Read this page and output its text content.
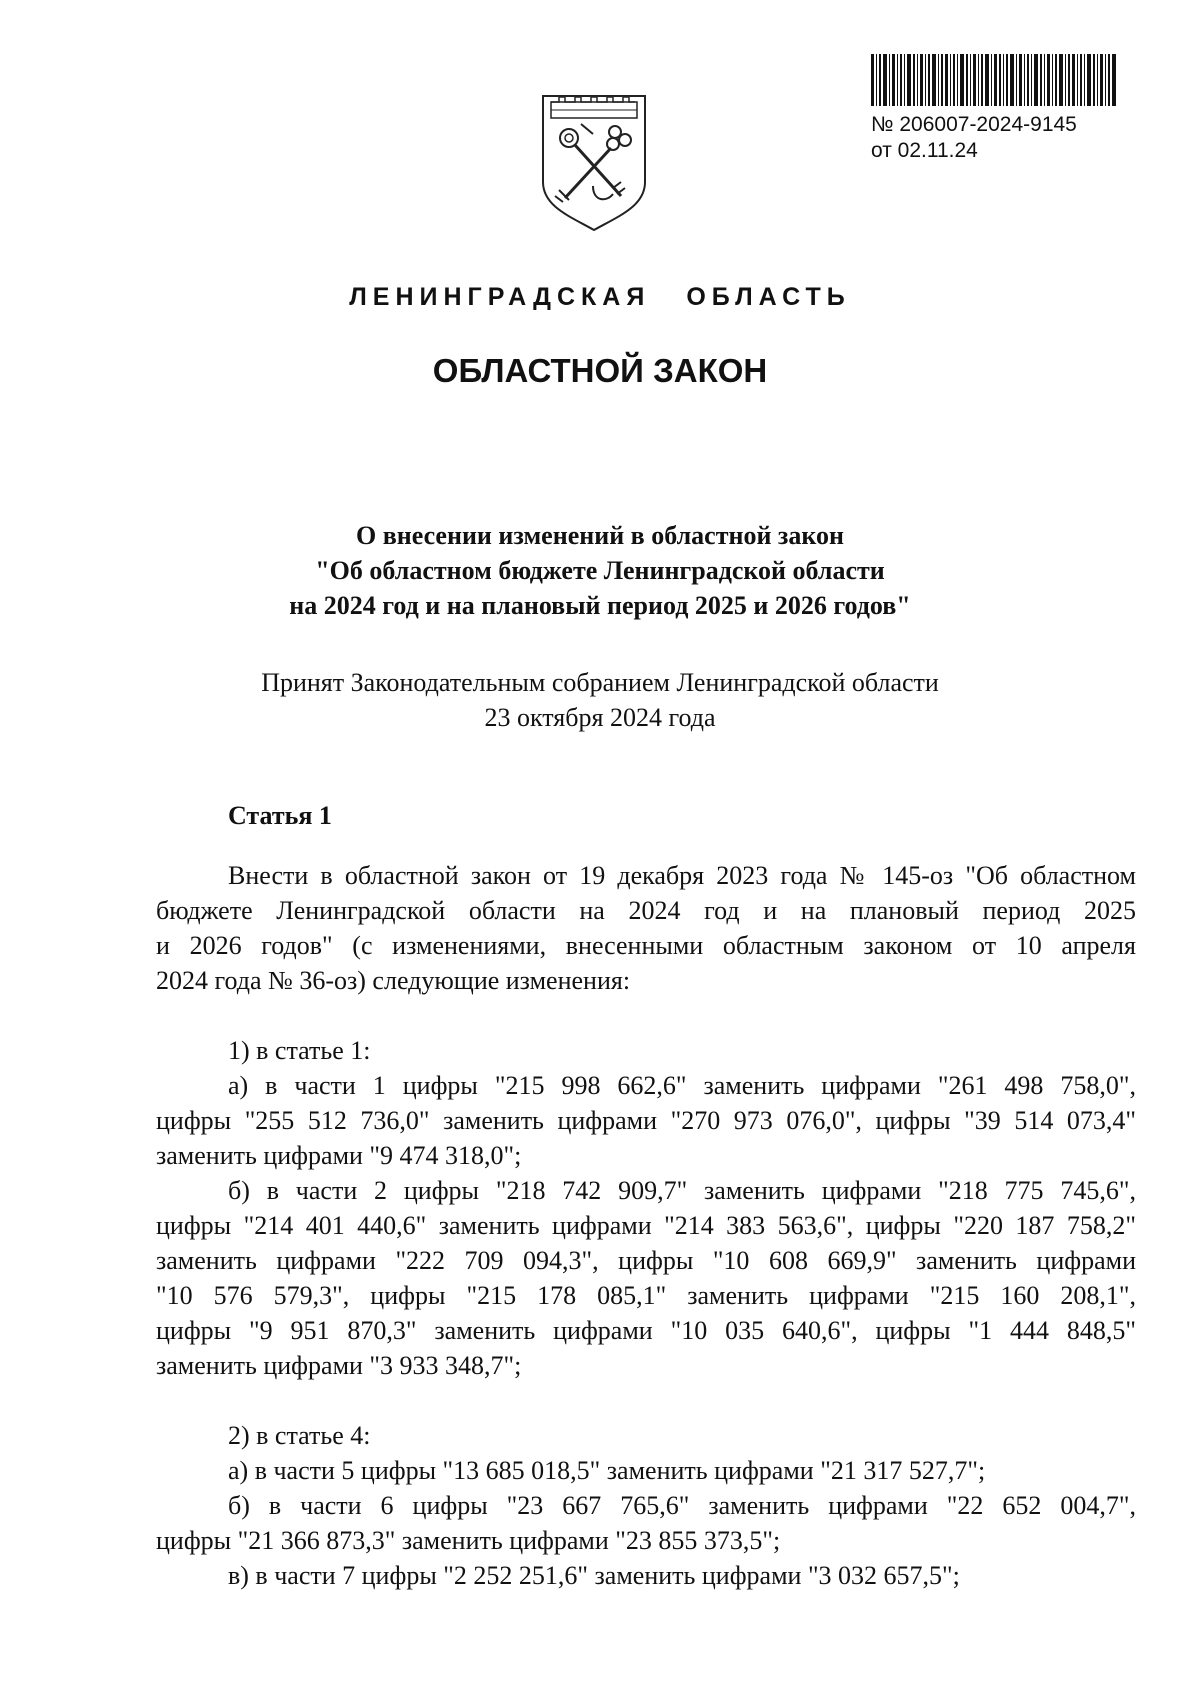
№ 206007-2024-9145
от 02.11.24
ЛЕНИНГРАДСКАЯ ОБЛАСТЬ
ОБЛАСТНОЙ ЗАКОН
О внесении изменений в областной закон
"Об областном бюджете Ленинградской области
на 2024 год и на плановый период 2025 и 2026 годов"
Принят Законодательным собранием Ленинградской области
23 октября 2024 года
Статья 1

Внести в областной закон от 19 декабря 2023 года № 145-оз "Об областном
бюджете Ленинградской области на 2024 год и на плановый период 2025
и 2026 годов" (с изменениями, внесенными областным законом от 10 апреля
2024 года № 36-оз) следующие изменения:

1) в статье 1:
а) в части 1 цифры "215 998 662,6" заменить цифрами "261 498 758,0",
цифры "255 512 736,0" заменить цифрами "270 973 076,0", цифры "39 514 073,4"
заменить цифрами "9 474 318,0";
б) в части 2 цифры "218 742 909,7" заменить цифрами "218 775 745,6",
цифры "214 401 440,6" заменить цифрами "214 383 563,6", цифры "220 187 758,2"
заменить цифрами "222 709 094,3", цифры "10 608 669,9" заменить цифрами
"10 576 579,3", цифры "215 178 085,1" заменить цифрами "215 160 208,1",
цифры "9 951 870,3" заменить цифрами "10 035 640,6", цифры "1 444 848,5"
заменить цифрами "3 933 348,7";

2) в статье 4:
а) в части 5 цифры "13 685 018,5" заменить цифрами "21 317 527,7";
б) в части 6 цифры "23 667 765,6" заменить цифрами "22 652 004,7",
цифры "21 366 873,3" заменить цифрами "23 855 373,5";
в) в части 7 цифры "2 252 251,6" заменить цифрами "3 032 657,5";
